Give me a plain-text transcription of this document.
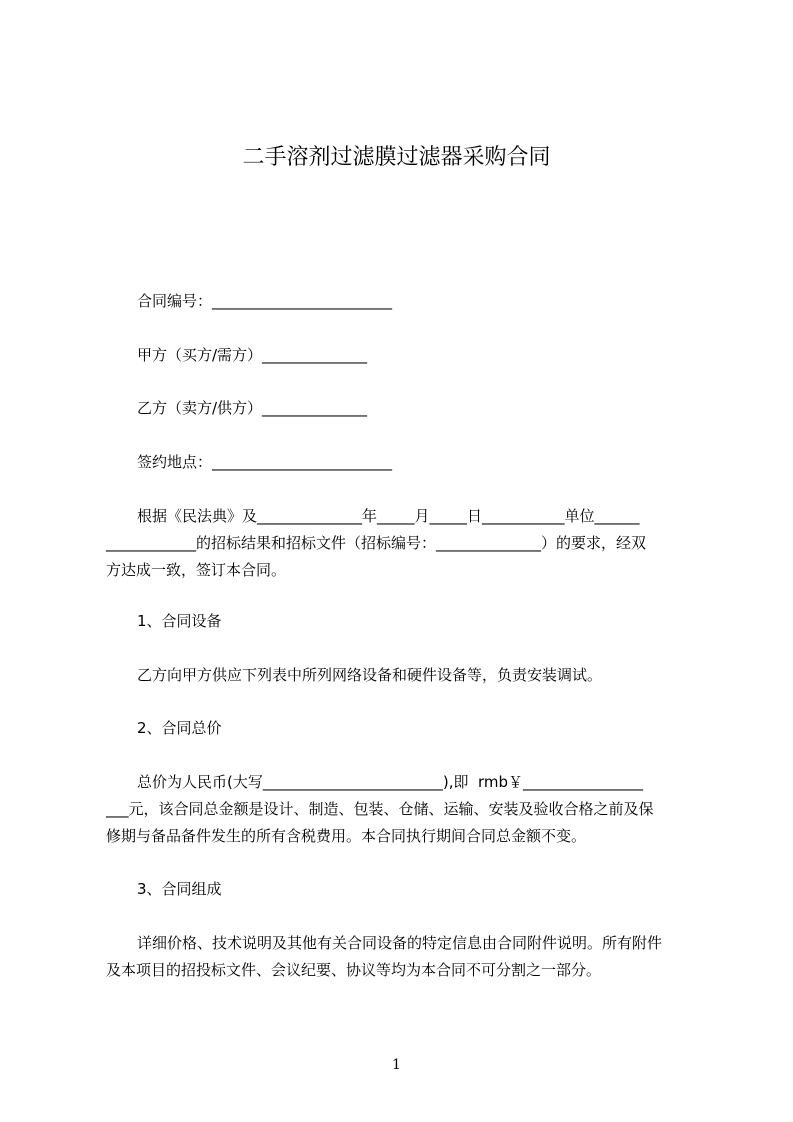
二手溶剂过滤膜过滤器采购合同
合同编号：________________________
甲方（买方/需方）______________
乙方（卖方/供方）______________
签约地点：________________________
根据《民法典》及______________年_____月_____日___________单位______
____________的招标结果和招标文件（招标编号：______________）的要求，经双
方达成一致，签订本合同。
1、合同设备
乙方向甲方供应下列表中所列网络设备和硬件设备等，负责安装调试。
2、合同总价
总价为人民币(大写________________________),即  rmb￥________________
___元，该合同总金额是设计、制造、包装、仓储、运输、安装及验收合格之前及保
修期与备品备件发生的所有含税费用。本合同执行期间合同总金额不变。
3、合同组成
详细价格、技术说明及其他有关合同设备的特定信息由合同附件说明。所有附件
及本项目的招投标文件、会议纪要、协议等均为本合同不可分割之一部分。
1
